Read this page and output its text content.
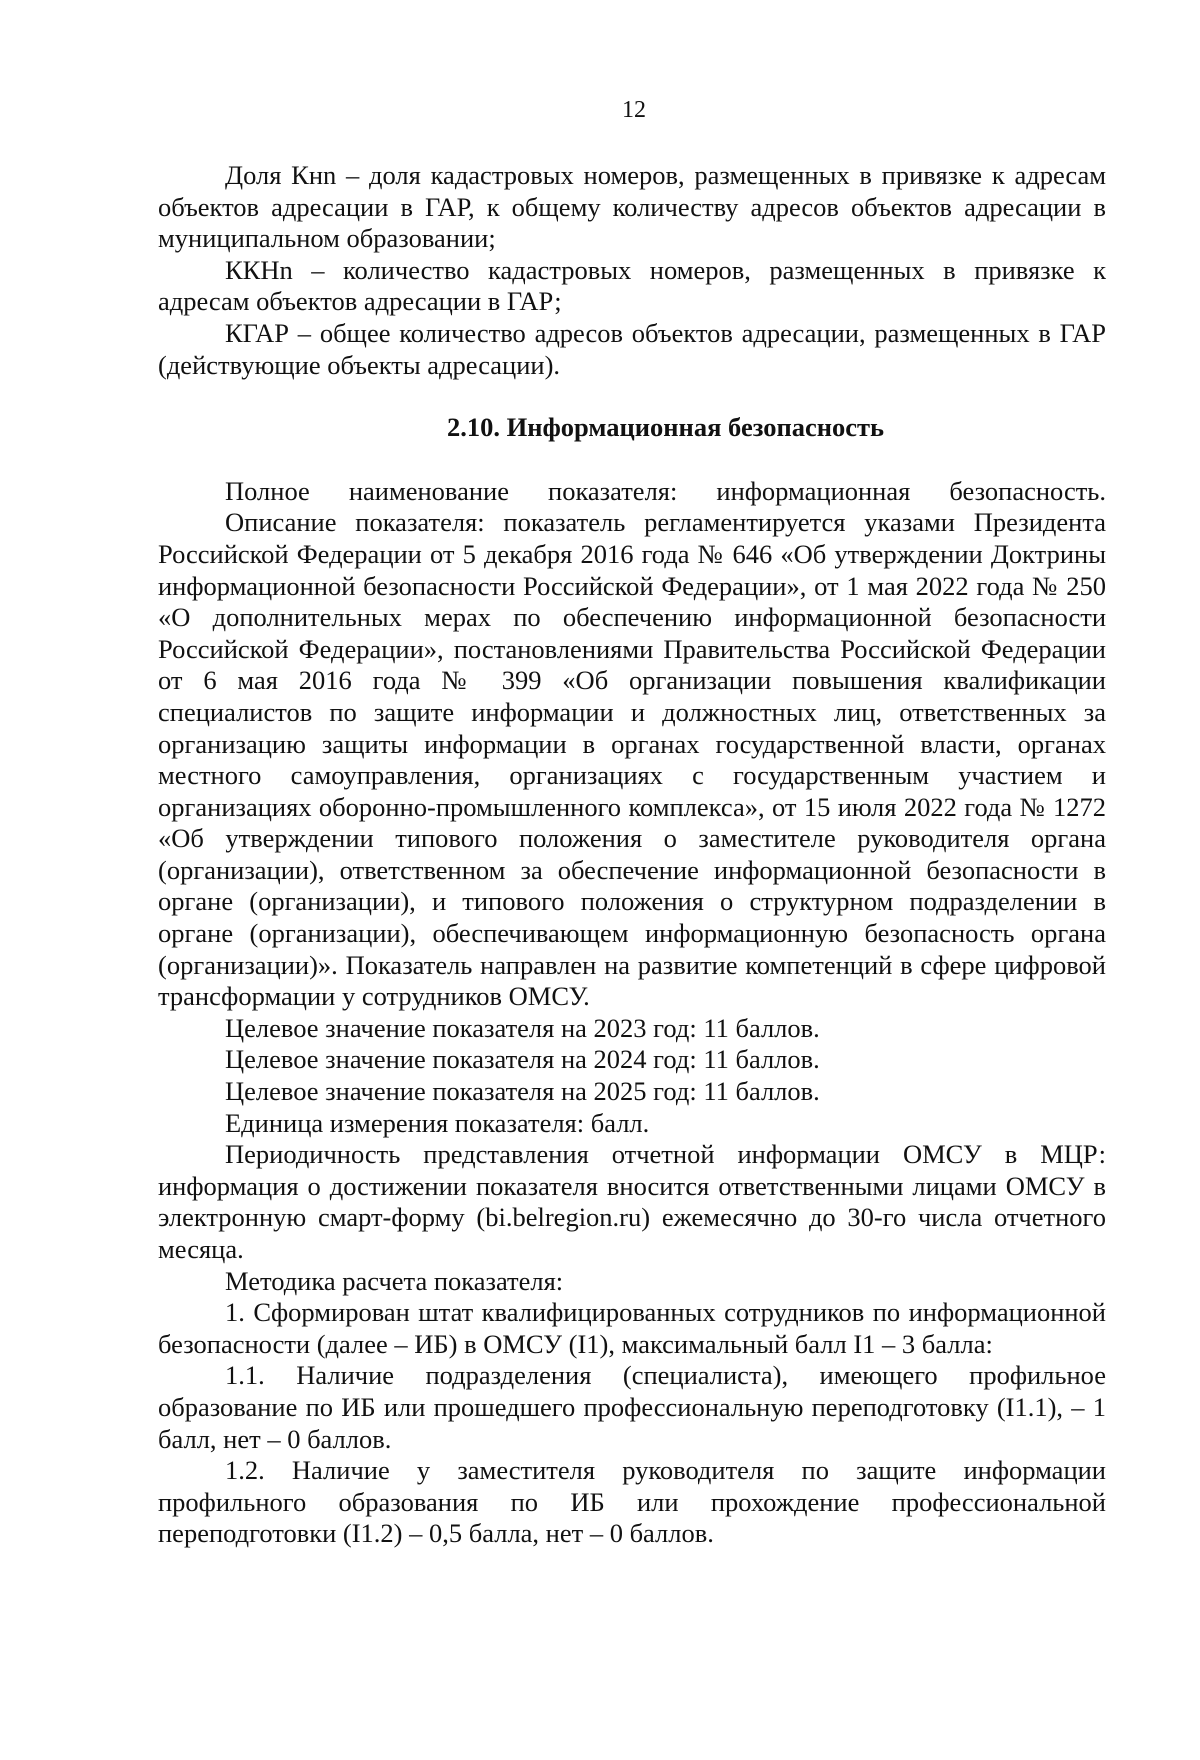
12

Доля Кнn – доля кадастровых номеров, размещенных в привязке к адресам объектов адресации в ГАР, к общему количеству адресов объектов адресации в муниципальном образовании;

ККНn – количество кадастровых номеров, размещенных в привязке к адресам объектов адресации в ГАР;

КГАР – общее количество адресов объектов адресации, размещенных в ГАР (действующие объекты адресации).

2.10. Информационная безопасность

Полное наименование показателя: информационная безопасность.

Описание показателя: показатель регламентируется указами Президента Российской Федерации от 5 декабря 2016 года № 646 «Об утверждении Доктрины информационной безопасности Российской Федерации», от 1 мая 2022 года № 250 «О дополнительных мерах по обеспечению информационной безопасности Российской Федерации», постановлениями Правительства Российской Федерации от 6 мая 2016 года № 399 «Об организации повышения квалификации специалистов по защите информации и должностных лиц, ответственных за организацию защиты информации в органах государственной власти, органах местного самоуправления, организациях с государственным участием и организациях оборонно-промышленного комплекса», от 15 июля 2022 года № 1272 «Об утверждении типового положения о заместителе руководителя органа (организации), ответственном за обеспечение информационной безопасности в органе (организации), и типового положения о структурном подразделении в органе (организации), обеспечивающем информационную безопасность органа (организации)». Показатель направлен на развитие компетенций в сфере цифровой трансформации у сотрудников ОМСУ.

Целевое значение показателя на 2023 год: 11 баллов.

Целевое значение показателя на 2024 год: 11 баллов.

Целевое значение показателя на 2025 год: 11 баллов.

Единица измерения показателя: балл.

Периодичность представления отчетной информации ОМСУ в МЦР: информация о достижении показателя вносится ответственными лицами ОМСУ в электронную смарт-форму (bi.belregion.ru) ежемесячно до 30-го числа отчетного месяца.

Методика расчета показателя:

1. Сформирован штат квалифицированных сотрудников по информационной безопасности (далее – ИБ) в ОМСУ (I1), максимальный балл I1 – 3 балла:

1.1. Наличие подразделения (специалиста), имеющего профильное образование по ИБ или прошедшего профессиональную переподготовку (I1.1), – 1 балл, нет – 0 баллов.

1.2. Наличие у заместителя руководителя по защите информации профильного образования по ИБ или прохождение профессиональной переподготовки (I1.2) – 0,5 балла, нет – 0 баллов.
